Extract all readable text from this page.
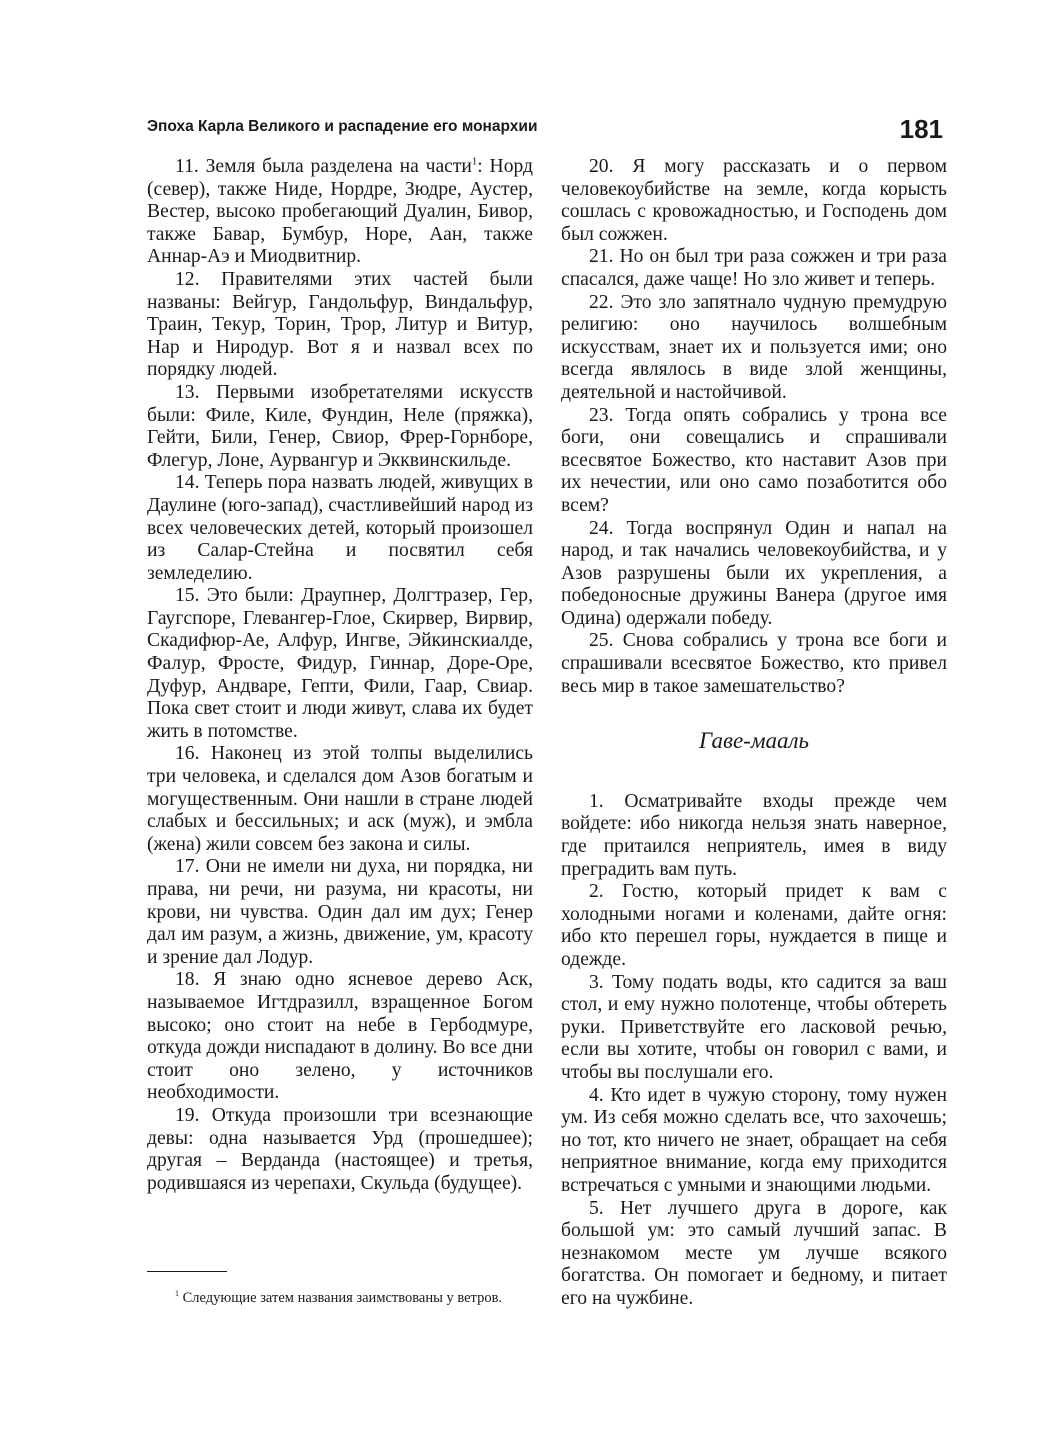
Эпоха Карла Великого и распадение его монархии	181

11. Земля была разделена на части$^1$: Норд (север), также Ниде, Нордре, Зюдре, Аустер, Вестер, высоко пробегающий Дуалин, Бивор, также Бавар, Бумбур, Норе, Аан, также Аннар-Аэ и Миодвитнир.

12. Правителями этих частей были названы: Вейгур, Гандольфур, Виндальфур, Траин, Текур, Торин, Трор, Литур и Витур, Нар и Ниродур. Вот я и назвал всех по порядку людей.

13. Первыми изобретателями искусств были: Филе, Киле, Фундин, Неле (пряжка), Гейти, Били, Генер, Свиор, Фрер-Горнборе, Флегур, Лоне, Аурвангур и Экквинскильде.

14. Теперь пора назвать людей, живущих в Даулине (юго-запад), счастливейший народ из всех человеческих детей, который произошел из Салар-Стейна и посвятил себя земледелию.

15. Это были: Драупнер, Долгтразер, Гер, Гаугспоре, Глевангер-Глое, Скирвер, Вирвир, Скадифюр-Ае, Алфур, Ингве, Эйкинскиалде, Фалур, Фросте, Фидур, Гиннар, Доре-Оре, Дуфур, Андваре, Гепти, Фили, Гаар, Свиар. Пока свет стоит и люди живут, слава их будет жить в потомстве.

16. Наконец из этой толпы выделились три человека, и сделался дом Азов богатым и могущественным. Они нашли в стране людей слабых и бессильных; и аск (муж), и эмбла (жена) жили совсем без закона и силы.

17. Они не имели ни духа, ни порядка, ни права, ни речи, ни разума, ни красоты, ни крови, ни чувства. Один дал им дух; Генер дал им разум, а жизнь, движение, ум, красоту и зрение дал Лодур.

18. Я знаю одно ясневое дерево Аск, называемое Игтдразилл, взращенное Богом высоко; оно стоит на небе в Гербодмуре, откуда дожди ниспадают в долину. Во все дни стоит оно зелено, у источников необходимости.

19. Откуда произошли три всезнающие девы: одна называется Урд (прошедшее); другая – Верданда (настоящее) и третья, родившаяся из черепахи, Скульда (будущее).

$^1$ Следующие затем названия заимствованы у ветров.

20. Я могу рассказать и о первом человекоубийстве на земле, когда корысть сошлась с кровожадностью, и Господень дом был сожжен.

21. Но он был три раза сожжен и три раза спасался, даже чаще! Но зло живет и теперь.

22. Это зло запятнало чудную премудрую религию: оно научилось волшебным искусствам, знает их и пользуется ими; оно всегда являлось в виде злой женщины, деятельной и настойчивой.

23. Тогда опять собрались у трона все боги, они совещались и спрашивали всесвятое Божество, кто наставит Азов при их нечестии, или оно само позаботится обо всем?

24. Тогда воспрянул Один и напал на народ, и так начались человекоубийства, и у Азов разрушены были их укрепления, а победоносные дружины Ванера (другое имя Одина) одержали победу.

25. Снова собрались у трона все боги и спрашивали всесвятое Божество, кто привел весь мир в такое замешательство?

Гаве-мааль

1. Осматривайте входы прежде чем войдете: ибо никогда нельзя знать наверное, где притаился неприятель, имея в виду преградить вам путь.

2. Гостю, который придет к вам с холодными ногами и коленами, дайте огня: ибо кто перешел горы, нуждается в пище и одежде.

3. Тому подать воды, кто садится за ваш стол, и ему нужно полотенце, чтобы обтереть руки. Приветствуйте его ласковой речью, если вы хотите, чтобы он говорил с вами, и чтобы вы послушали его.

4. Кто идет в чужую сторону, тому нужен ум. Из себя можно сделать все, что захочешь; но тот, кто ничего не знает, обращает на себя неприятное внимание, когда ему приходится встречаться с умными и знающими людьми.

5. Нет лучшего друга в дороге, как большой ум: это самый лучший запас. В незнакомом месте ум лучше всякого богатства. Он помогает и бедному, и питает его на чужбине.
